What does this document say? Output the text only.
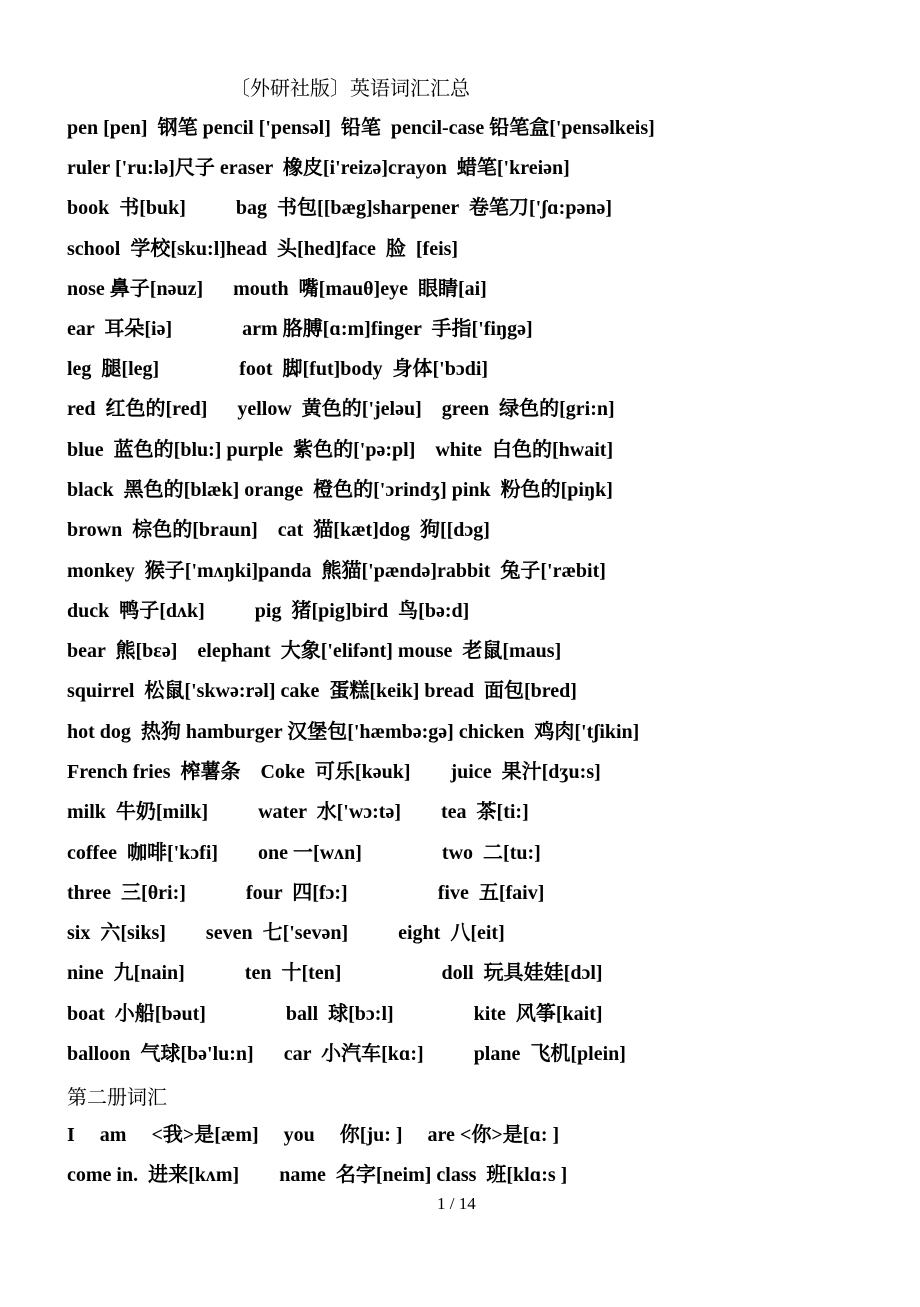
〔外研社版〕英语词汇汇总
pen [pen]  钢笔 pencil ['pensəl]  铅笔  pencil-case 铅笔盒['pensəlkeis]
ruler ['ru:lə]尺子 eraser  橡皮[i'reizə]crayon  蜡笔['kreiən]
book  书[buk]          bag  书包[[bæg]sharpener  卷笔刀['ʃɑ:pənə]
school  学校[sku:l]head  头[hed]face  脸  [feis]
nose 鼻子[nəuz]      mouth  嘴[mauθ]eye  眼睛[ai]
ear  耳朵[iə]              arm 胳膊[ɑ:m]finger  手指['fiŋgə]
leg  腿[leg]                foot  脚[fut]body  身体['bɔdi]
red  红色的[red]      yellow  黄色的['jeləu]    green  绿色的[gri:n]
blue  蓝色的[blu:] purple  紫色的['pə:pl]    white  白色的[hwait]
black  黑色的[blæk] orange  橙色的['ɔrindʒ] pink  粉色的[piŋk]
brown  棕色的[braun]    cat  猫[kæt]dog  狗[[dɔg]
monkey  猴子['mʌŋki]panda  熊猫['pændə]rabbit  兔子['ræbit]
duck  鸭子[dʌk]          pig  猪[pig]bird  鸟[bə:d]
bear  熊[bεə]    elephant  大象['elifənt] mouse  老鼠[maus]
squirrel  松鼠['skwə:rəl] cake  蛋糕[keik] bread  面包[bred]
hot dog  热狗 hamburger 汉堡包['hæmbə:gə] chicken  鸡肉['tʃikin]
French fries  榨薯条    Coke  可乐[kəuk]        juice  果汁[dʒu:s]
milk  牛奶[milk]          water  水['wɔ:tə]        tea  茶[ti:]
coffee  咖啡['kɔfi]        one 一[wʌn]                two  二[tu:]
three  三[θri:]            four  四[fɔ:]                  five  五[faiv]
six  六[siks]        seven  七['sevən]          eight  八[eit]
nine  九[nain]            ten  十[ten]                    doll  玩具娃娃[dɔl]
boat  小船[bəut]                ball  球[bɔ:l]                kite  风筝[kait]
balloon  气球[bə'lu:n]      car  小汽车[kɑ:]          plane  飞机[plein]
第二册词汇
I     am     <我>是[æm]     you     你[ju: ]     are <你>是[ɑ: ]
come in.  进来[kʌm]        name  名字[neim] class  班[klɑ:s ]
1 / 14
